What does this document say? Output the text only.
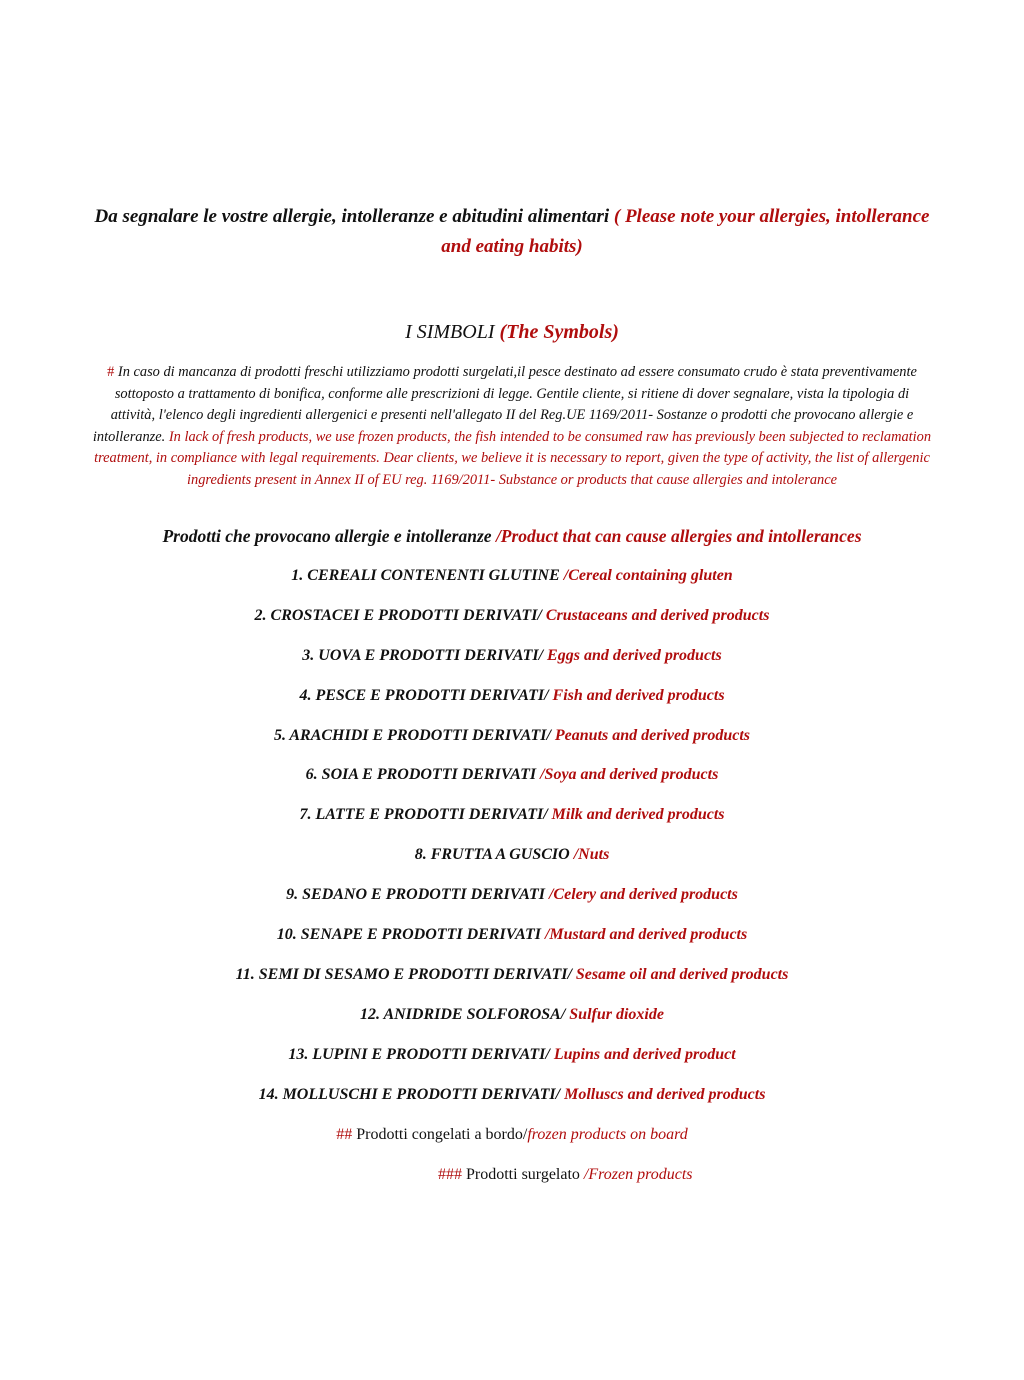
Da segnalare le vostre allergie, intolleranze e abitudini alimentari ( Please note your allergies, intollerance and eating habits)

I SIMBOLI (The Symbols)

# In caso di mancanza di prodotti freschi utilizziamo prodotti surgelati,il pesce destinato ad essere consumato crudo è stata preventivamente sottoposto a trattamento di bonifica, conforme alle prescrizioni di legge. Gentile cliente, si ritiene di dover segnalare, vista la tipologia di attività, l'elenco degli ingredienti allergenici e presenti nell'allegato II del Reg.UE 1169/2011- Sostanze o prodotti che provocano allergie e intolleranze. In lack of fresh products, we use frozen products, the fish intended to be consumed raw has previously been subjected to reclamation treatment, in compliance with legal requirements. Dear clients, we believe it is necessary to report, given the type of activity, the list of allergenic ingredients present in Annex II of EU reg. 1169/2011- Substance or products that cause allergies and intolerance

Prodotti che provocano allergie e intolleranze /Product that can cause allergies and intollerances
1. CEREALI CONTENENTI GLUTINE /Cereal containing gluten
2. CROSTACEI E PRODOTTI DERIVATI/ Crustaceans and derived products
3. UOVA E PRODOTTI DERIVATI/ Eggs and derived products
4. PESCE E PRODOTTI DERIVATI/ Fish and derived products
5. ARACHIDI E PRODOTTI DERIVATI/ Peanuts and derived products
6. SOIA E PRODOTTI DERIVATI /Soya and derived products
7. LATTE E PRODOTTI DERIVATI/ Milk and derived products
8. FRUTTA A GUSCIO /Nuts
9. SEDANO E PRODOTTI DERIVATI /Celery and derived products
10. SENAPE E PRODOTTI DERIVATI /Mustard and derived products
11. SEMI DI SESAMO E PRODOTTI DERIVATI/ Sesame oil and derived products
12. ANIDRIDE SOLFOROSA/ Sulfur dioxide
13. LUPINI E PRODOTTI DERIVATI/ Lupins and derived product
14. MOLLUSCHI E PRODOTTI DERIVATI/ Molluscs and derived products

## Prodotti congelati a bordo/frozen products on board

### Prodotti surgelato /Frozen products
